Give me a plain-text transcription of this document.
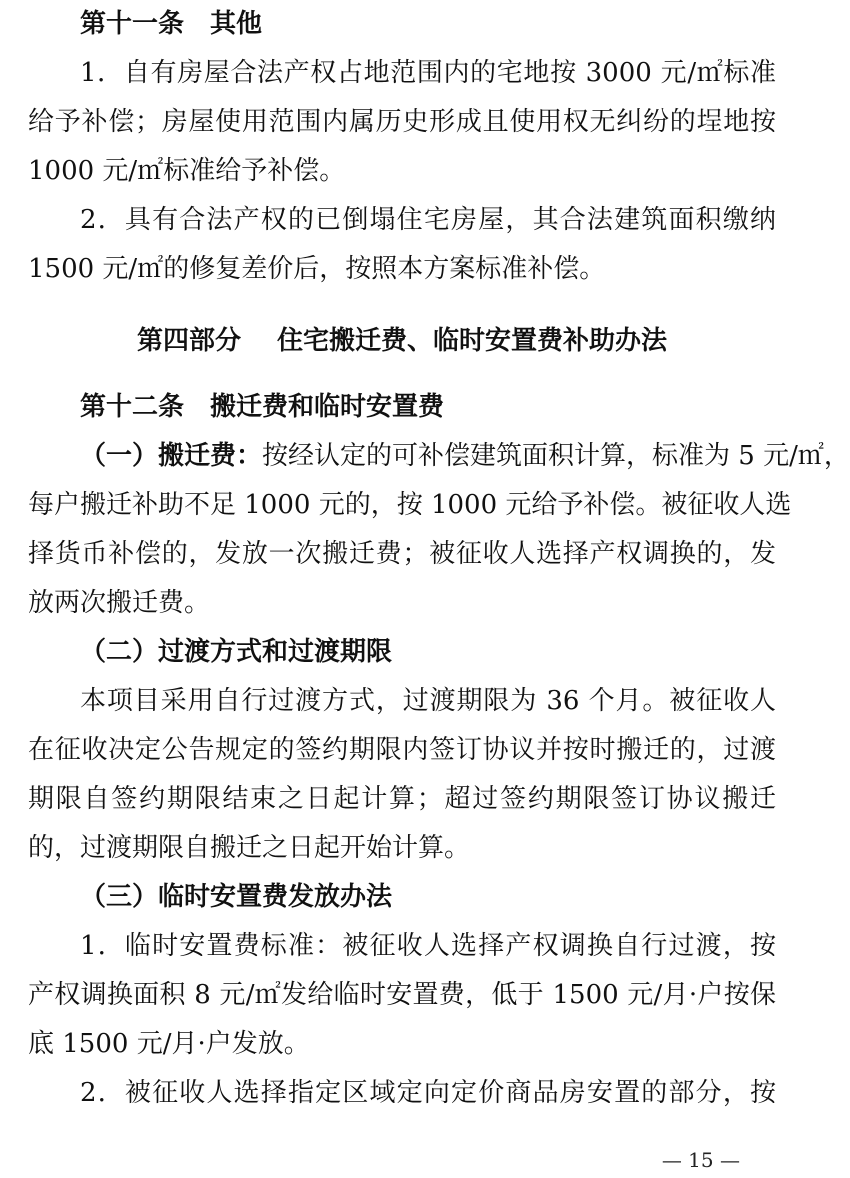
第十一条 其他
1．自有房屋合法产权占地范围内的宅地按 3000 元/㎡标准
给予补偿；房屋使用范围内属历史形成且使用权无纠纷的埕地按
1000 元/㎡标准给予补偿。
2．具有合法产权的已倒塌住宅房屋，其合法建筑面积缴纳
1500 元/㎡的修复差价后，按照本方案标准补偿。
第四部分 住宅搬迁费、临时安置费补助办法
第十二条 搬迁费和临时安置费
（一）搬迁费：按经认定的可补偿建筑面积计算，标准为 5 元/㎡，
每户搬迁补助不足 1000 元的，按 1000 元给予补偿。被征收人选
择货币补偿的，发放一次搬迁费；被征收人选择产权调换的，发
放两次搬迁费。
（二）过渡方式和过渡期限
本项目采用自行过渡方式，过渡期限为 36 个月。被征收人
在征收决定公告规定的签约期限内签订协议并按时搬迁的，过渡
期限自签约期限结束之日起计算；超过签约期限签订协议搬迁
的，过渡期限自搬迁之日起开始计算。
（三）临时安置费发放办法
1．临时安置费标准：被征收人选择产权调换自行过渡，按
产权调换面积 8 元/㎡发给临时安置费，低于 1500 元/月·户按保
底 1500 元/月·户发放。
2．被征收人选择指定区域定向定价商品房安置的部分，按
— 15 —
